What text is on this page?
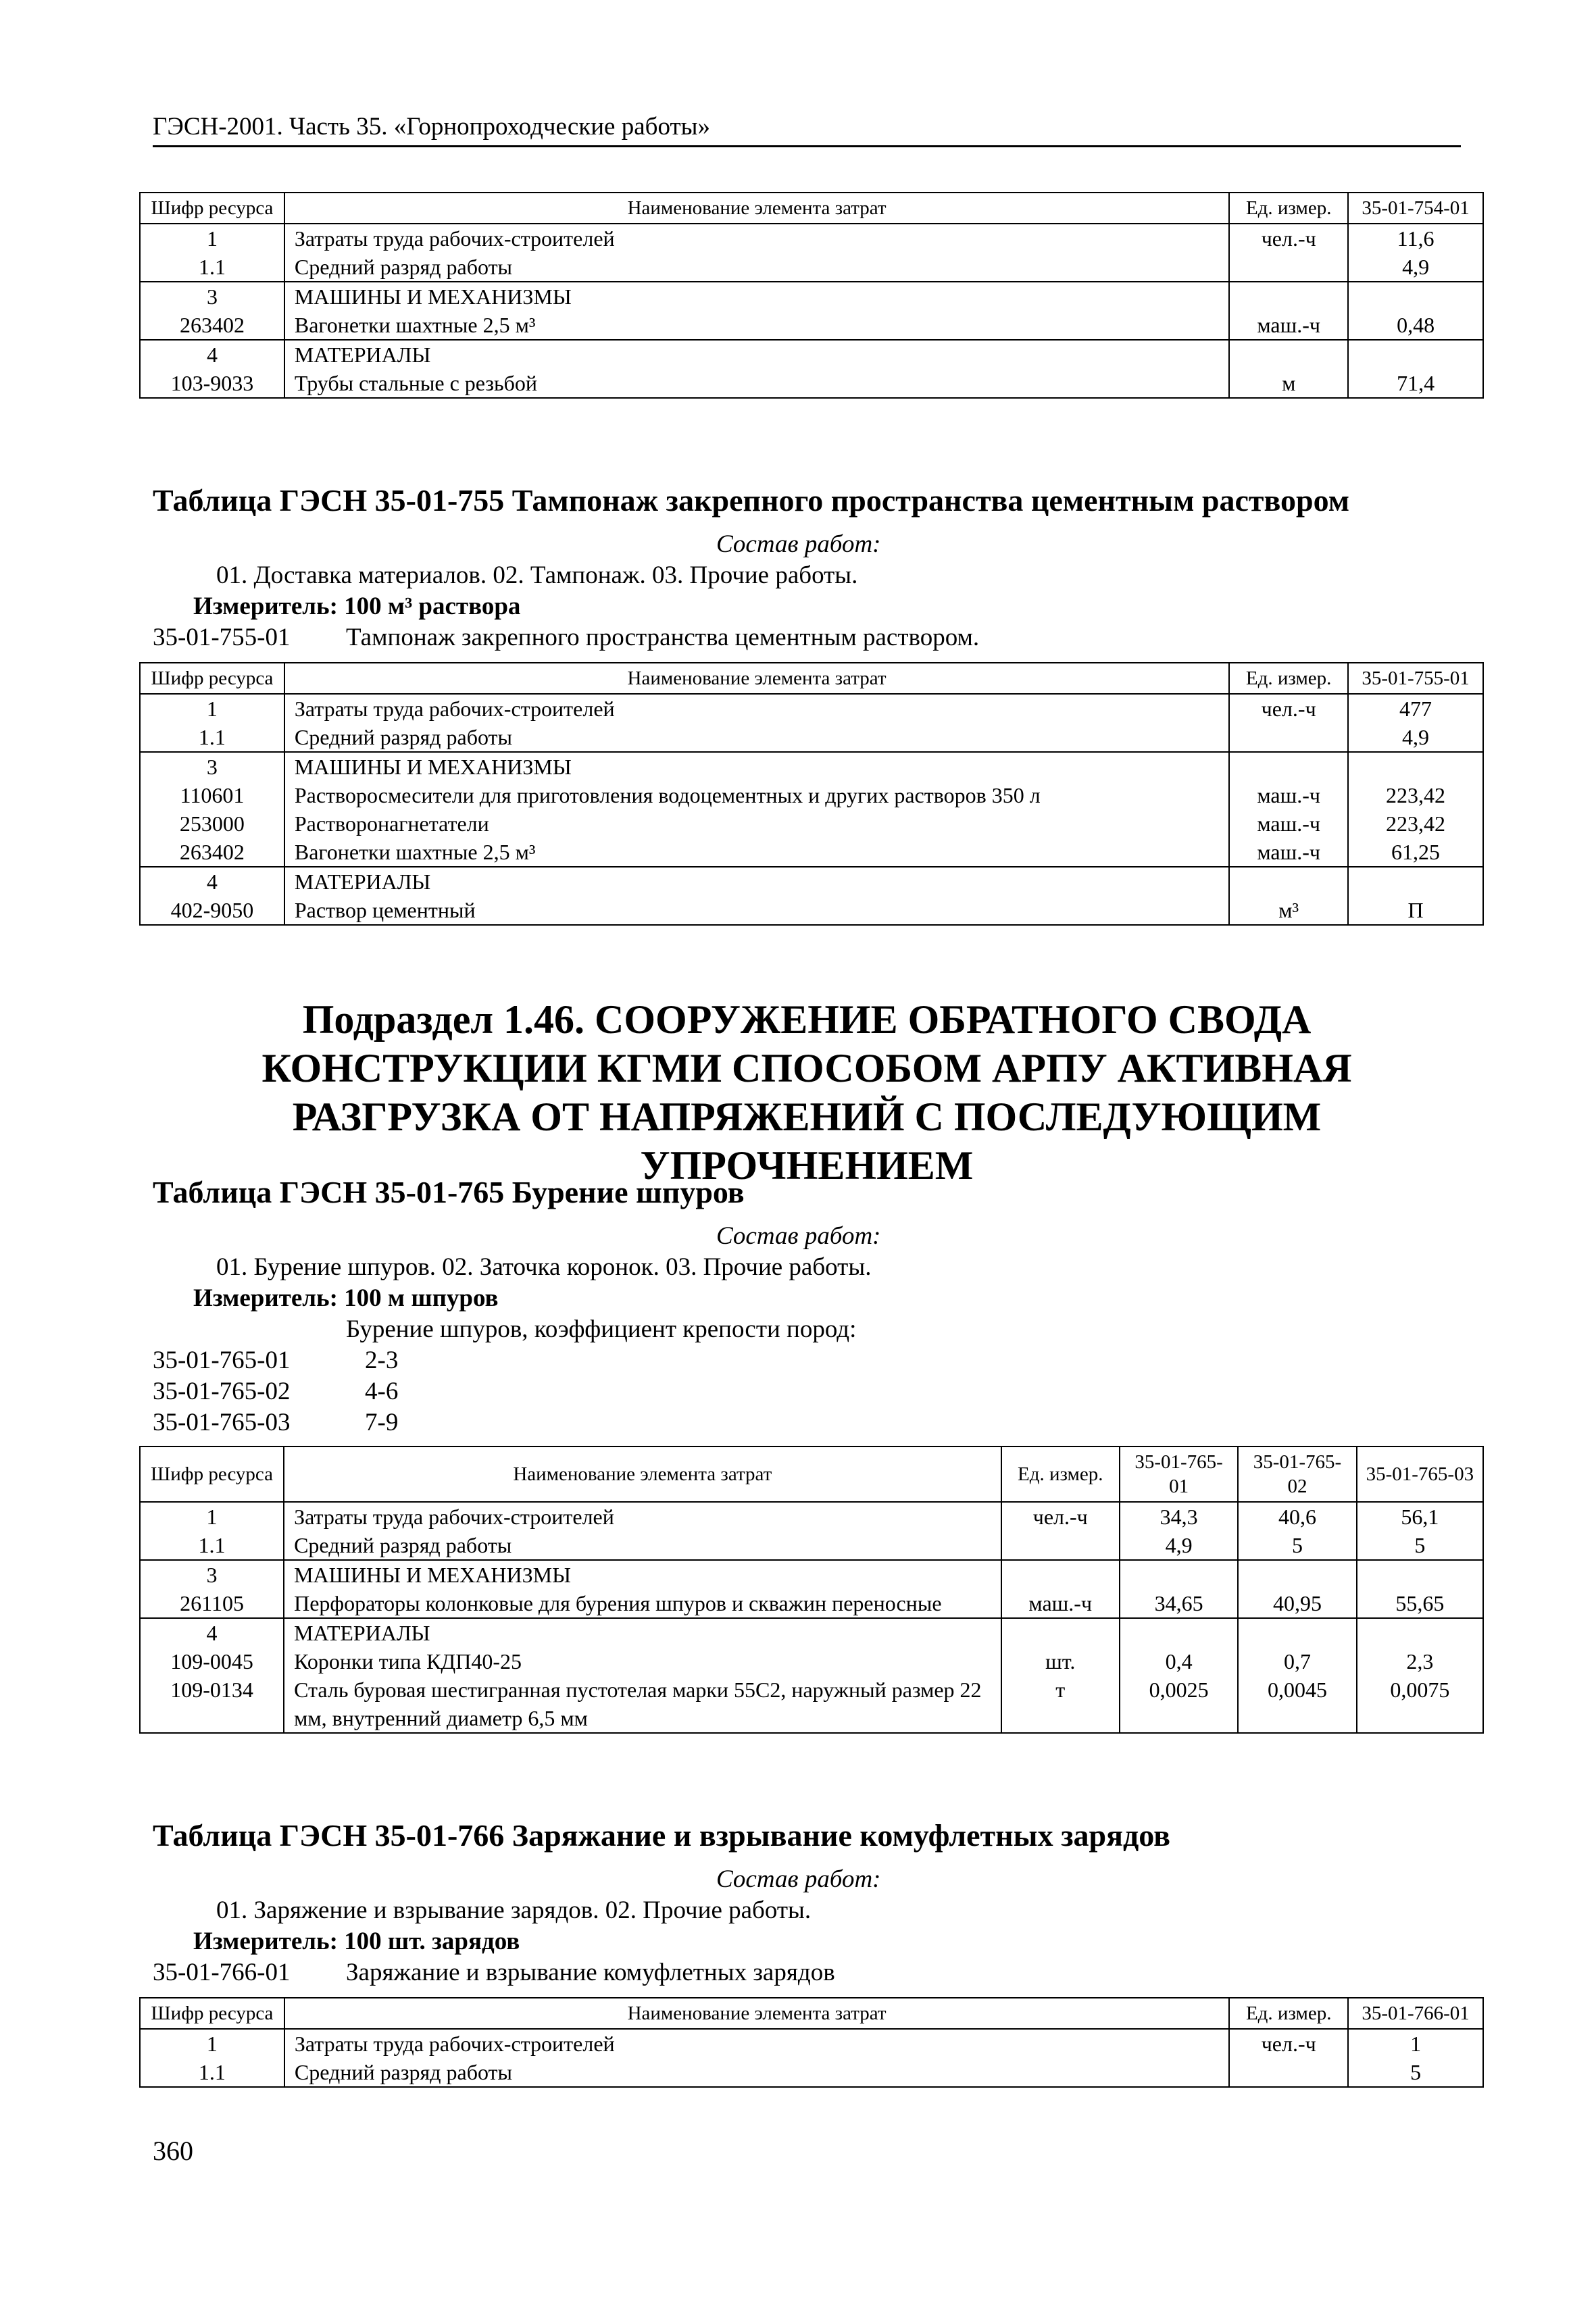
ГЭСН-2001. Часть 35. «Горнопроходческие работы»
Шифр ресурса	Наименование элемента затрат	Ед. измер.	35-01-754-01
1	Затраты труда рабочих-строителей	чел.-ч	11,6
1.1	Средний разряд работы		4,9
3	МАШИНЫ И МЕХАНИЗМЫ		
263402	Вагонетки шахтные 2,5 м³	маш.-ч	0,48
4	МАТЕРИАЛЫ		
103-9033	Трубы стальные с резьбой	м	71,4
Таблица ГЭСН 35-01-755 Тампонаж закрепного пространства цементным раствором
Состав работ:
01. Доставка материалов. 02. Тампонаж. 03. Прочие работы.
Измеритель: 100 м³ раствора
35-01-755-01 Тампонаж закрепного пространства цементным раствором.
Шифр ресурса	Наименование элемента затрат	Ед. измер.	35-01-755-01
1	Затраты труда рабочих-строителей	чел.-ч	477
1.1	Средний разряд работы		4,9
3	МАШИНЫ И МЕХАНИЗМЫ		
110601	Растворосмесители для приготовления водоцементных и других растворов 350 л	маш.-ч	223,42
253000	Растворонагнетатели	маш.-ч	223,42
263402	Вагонетки шахтные 2,5 м³	маш.-ч	61,25
4	МАТЕРИАЛЫ		
402-9050	Раствор цементный	м³	П
Подраздел 1.46. СООРУЖЕНИЕ ОБРАТНОГО СВОДА КОНСТРУКЦИИ КГМИ СПОСОБОМ АРПУ АКТИВНАЯ РАЗГРУЗКА ОТ НАПРЯЖЕНИЙ С ПОСЛЕДУЮЩИМ УПРОЧНЕНИЕМ
Таблица ГЭСН 35-01-765 Бурение шпуров
Состав работ:
01. Бурение шпуров. 02. Заточка коронок. 03. Прочие работы.
Измеритель: 100 м шпуров
Бурение шпуров, коэффициент крепости пород:
35-01-765-01	2-3
35-01-765-02	4-6
35-01-765-03	7-9
Шифр ресурса	Наименование элемента затрат	Ед. измер.	35-01-765-01	35-01-765-02	35-01-765-03
1	Затраты труда рабочих-строителей	чел.-ч	34,3	40,6	56,1
1.1	Средний разряд работы		4,9	5	5
3	МАШИНЫ И МЕХАНИЗМЫ				
261105	Перфораторы колонковые для бурения шпуров и скважин переносные	маш.-ч	34,65	40,95	55,65
4	МАТЕРИАЛЫ				
109-0045	Коронки типа КДП40-25	шт.	0,4	0,7	2,3
109-0134	Сталь буровая шестигранная пустотелая марки 55С2, наружный размер 22 мм, внутренний диаметр 6,5 мм	т	0,0025	0,0045	0,0075
Таблица ГЭСН 35-01-766 Заряжание и взрывание комуфлетных зарядов
Состав работ:
01. Заряжение и взрывание зарядов. 02. Прочие работы.
Измеритель: 100 шт. зарядов
35-01-766-01 Заряжание и взрывание комуфлетных зарядов
Шифр ресурса	Наименование элемента затрат	Ед. измер.	35-01-766-01
1	Затраты труда рабочих-строителей	чел.-ч	1
1.1	Средний разряд работы		5
360
